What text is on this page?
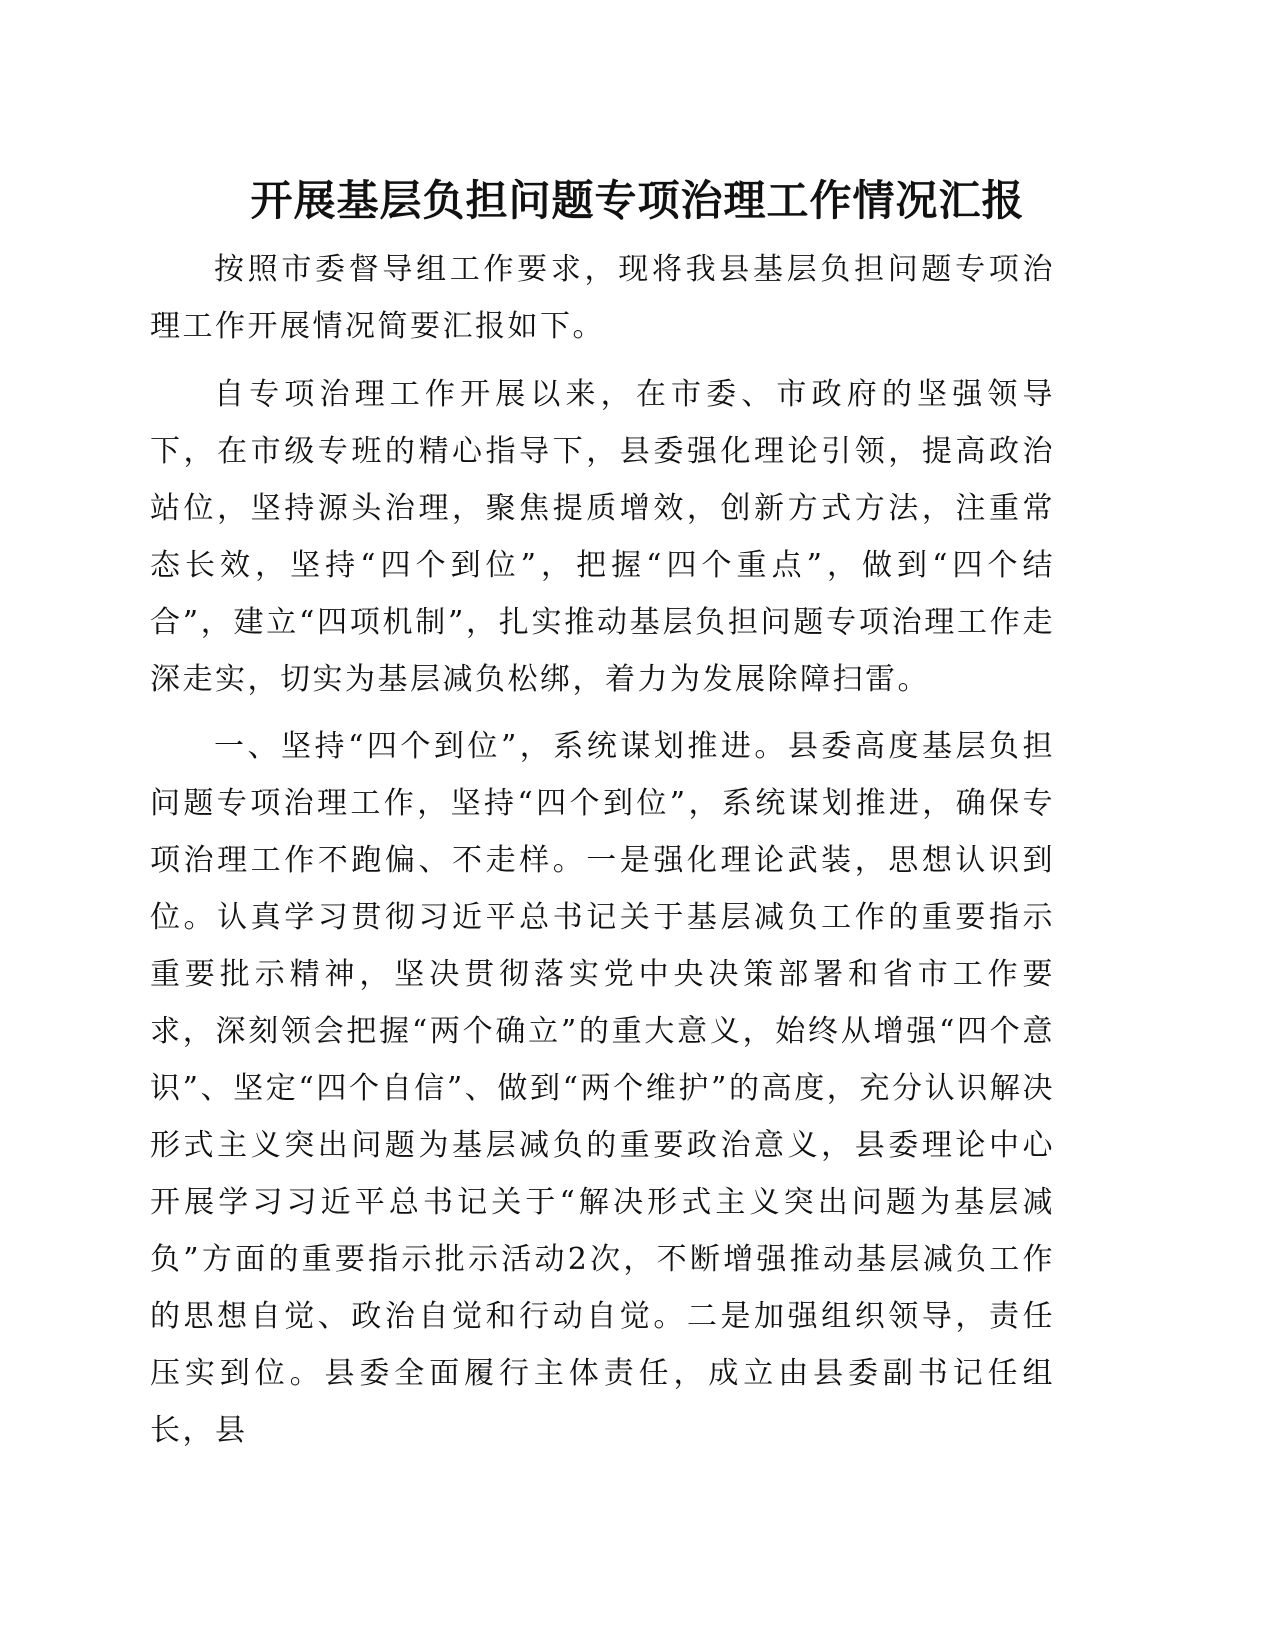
开展基层负担问题专项治理工作情况汇报

按照市委督导组工作要求，现将我县基层负担问题专项治理工作开展情况简要汇报如下。

自专项治理工作开展以来，在市委、市政府的坚强领导下，在市级专班的精心指导下，县委强化理论引领，提高政治站位，坚持源头治理，聚焦提质增效，创新方式方法，注重常态长效，坚持“四个到位”，把握“四个重点”，做到“四个结合”，建立“四项机制”，扎实推动基层负担问题专项治理工作走深走实，切实为基层减负松绑，着力为发展除障扫雷。

一、坚持“四个到位”，系统谋划推进。县委高度基层负担问题专项治理工作，坚持“四个到位”，系统谋划推进，确保专项治理工作不跑偏、不走样。一是强化理论武装，思想认识到位。认真学习贯彻习近平总书记关于基层减负工作的重要指示重要批示精神，坚决贯彻落实党中央决策部署和省市工作要求，深刻领会把握“两个确立”的重大意义，始终从增强“四个意识”、坚定“四个自信”、做到“两个维护”的高度，充分认识解决形式主义突出问题为基层减负的重要政治意义，县委理论中心开展学习习近平总书记关于“解决形式主义突出问题为基层减负”方面的重要指示批示活动2次，不断增强推动基层减负工作的思想自觉、政治自觉和行动自觉。二是加强组织领导，责任压实到位。县委全面履行主体责任，成立由县委副书记任组长，县
